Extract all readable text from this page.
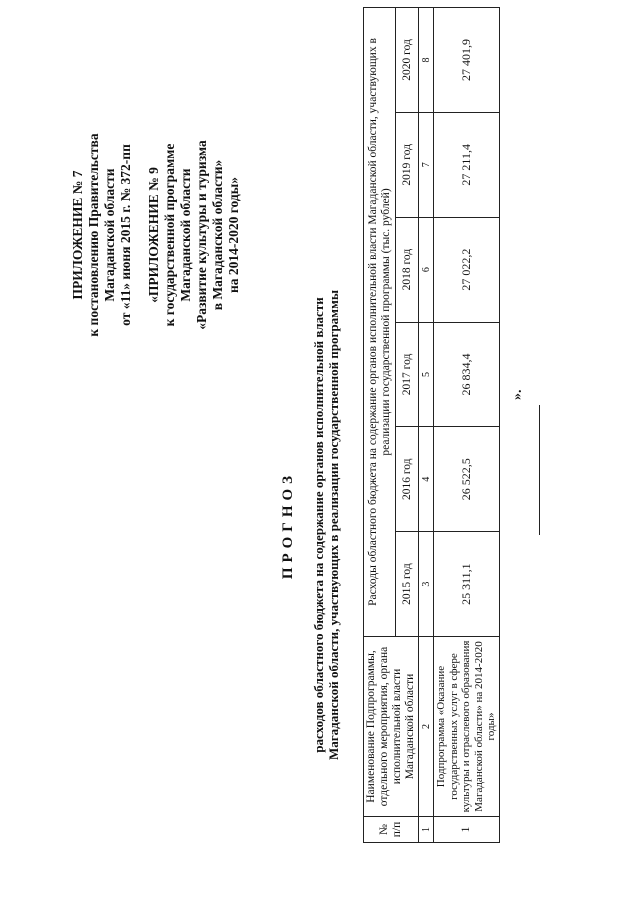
ПРИЛОЖЕНИЕ № 7 к постановлению Правительства Магаданской области от «11» июня 2015 г. № 372-пп «ПРИЛОЖЕНИЕ № 9 к государственной программе Магаданской области «Развитие культуры и туризма в Магаданской области» на 2014-2020 годы»
ПРОГНОЗ расходов областного бюджета на содержание органов исполнительной власти Магаданской области, участвующих в реализации государственной программы
№ п/п	Наименование Подпрограммы, отдельного мероприятия, органа исполнительной власти Магаданской области	Расходы областного бюджета на содержание органов исполнительной власти Магаданской области, участвующих в реализации государственной программы (тыс. рублей)					
		2015 год	2016 год	2017 год	2018 год	2019 год	2020 год
1	2	3	4	5	6	7	8
1	Подпрограмма «Оказание государственных услуг в сфере культуры и отраслевого образования Магаданской области» на 2014-2020 годы»	25 311,1	26 522,5	26 834,4	27 022,2	27 211,4	27 401,9
».
